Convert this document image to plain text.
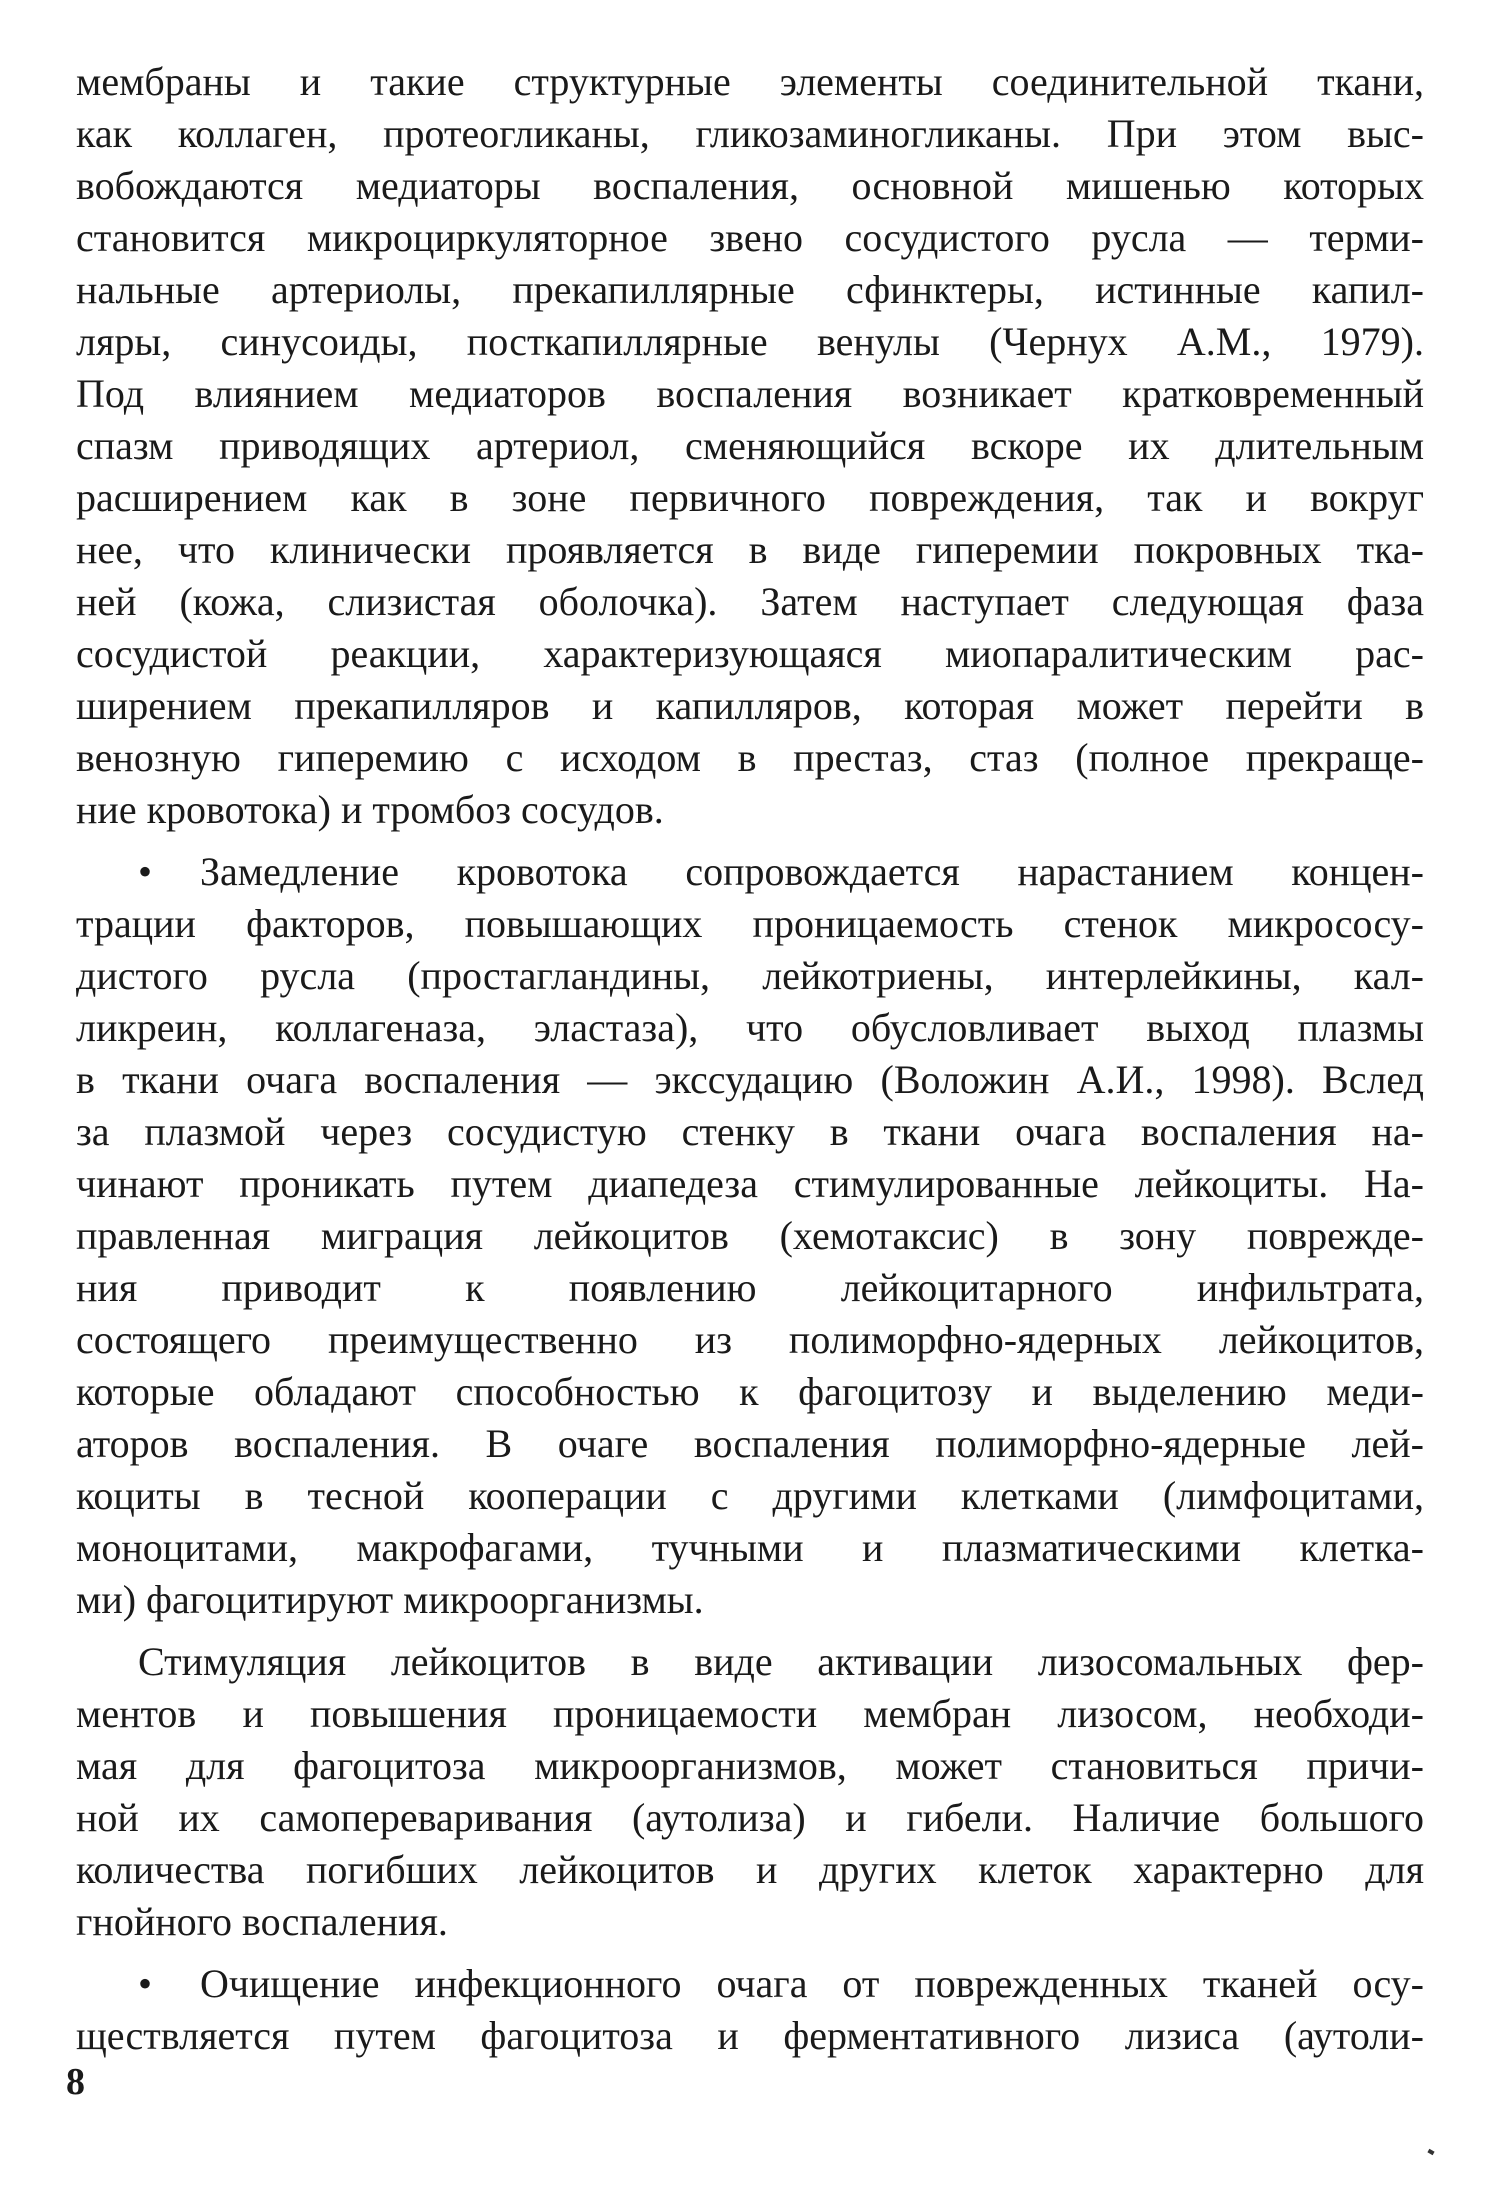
мембраны и такие структурные элементы соединительной ткани,
как коллаген, протеогликаны, гликозаминогликаны. При этом выс-
вобождаются медиаторы воспаления, основной мишенью которых
становится микроциркуляторное звено сосудистого русла — терми-
нальные артериолы, прекапиллярные сфинктеры, истинные капил-
ляры, синусоиды, посткапиллярные венулы (Чернух А.М., 1979).
Под влиянием медиаторов воспаления возникает кратковременный
спазм приводящих артериол, сменяющийся вскоре их длительным
расширением как в зоне первичного повреждения, так и вокруг
нее, что клинически проявляется в виде гиперемии покровных тка-
ней (кожа, слизистая оболочка). Затем наступает следующая фаза
сосудистой реакции, характеризующаяся миопаралитическим рас-
ширением прекапилляров и капилляров, которая может перейти в
венозную гиперемию с исходом в престаз, стаз (полное прекраще-
ние кровотока) и тромбоз сосудов.
• Замедление кровотока сопровождается нарастанием концен-
трации факторов, повышающих проницаемость стенок микрососу-
дистого русла (простагландины, лейкотриены, интерлейкины, кал-
ликреин, коллагеназа, эластаза), что обусловливает выход плазмы
в ткани очага воспаления — экссудацию (Воложин А.И., 1998). Вслед
за плазмой через сосудистую стенку в ткани очага воспаления на-
чинают проникать путем диапедеза стимулированные лейкоциты. На-
правленная миграция лейкоцитов (хемотаксис) в зону поврежде-
ния приводит к появлению лейкоцитарного инфильтрата,
состоящего преимущественно из полиморфно-ядерных лейкоцитов,
которые обладают способностью к фагоцитозу и выделению меди-
аторов воспаления. В очаге воспаления полиморфно-ядерные лей-
коциты в тесной кооперации с другими клетками (лимфоцитами,
моноцитами, макрофагами, тучными и плазматическими клетка-
ми) фагоцитируют микроорганизмы.
Стимуляция лейкоцитов в виде активации лизосомальных фер-
ментов и повышения проницаемости мембран лизосом, необходи-
мая для фагоцитоза микроорганизмов, может становиться причи-
ной их самопереваривания (аутолиза) и гибели. Наличие большого
количества погибших лейкоцитов и других клеток характерно для
гнойного воспаления.
• Очищение инфекционного очага от поврежденных тканей осу-
ществляется путем фагоцитоза и ферментативного лизиса (аутоли-
8
